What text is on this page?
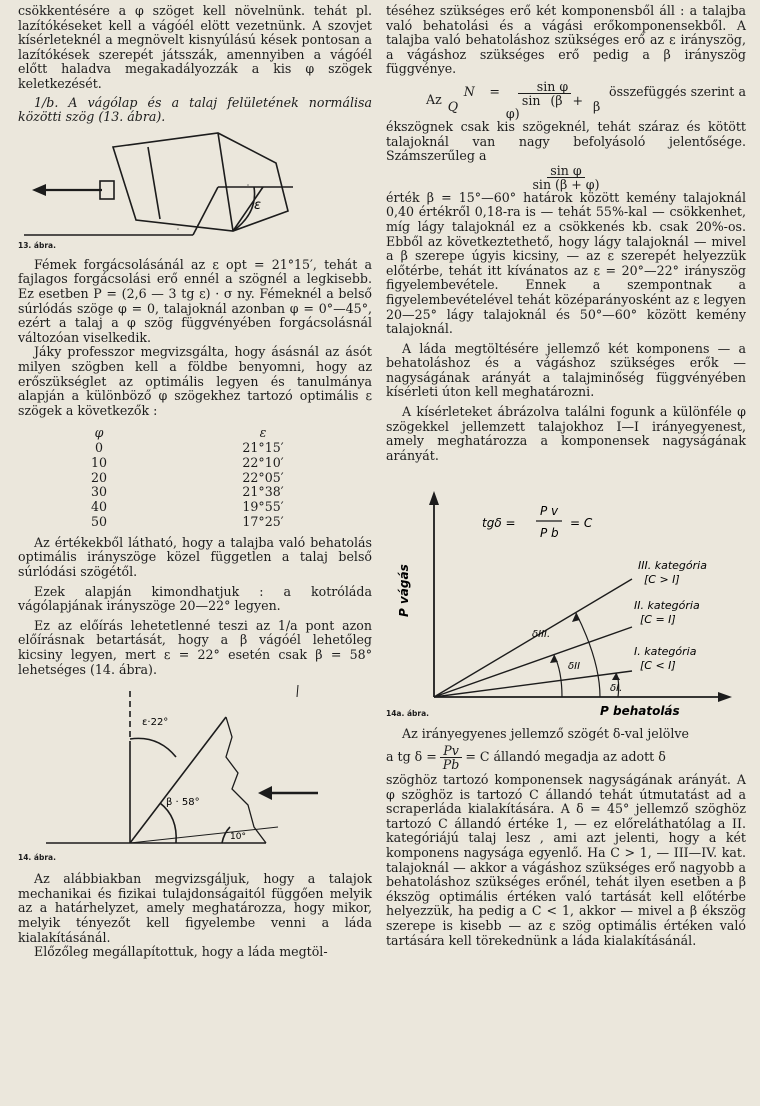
csökkentésére a φ szöget kell növelnünk. tehát pl. lazítókéseket kell a vágóél elött vezetnünk. A szovjet kísérleteknél a megnövelt kisnyúlású kések pontosan a lazítókések szerepét játsszák, amennyiben a vágóél előtt haladva megakadályozzák a kis φ szögek keletkezését.

1/b. A vágólap és a talaj felületének normálisa közötti szög (13. ábra).

ε
13. ábra.

Fémek forgácsolásánál az ε opt = 21°15′, tehát a fajlagos forgácsolási erő ennél a szögnél a legkisebb. Ez esetben P = (2,6 — 3 tg ε) · σ ny. Fémeknél a belső súrlódás szöge φ = 0, talajoknál azonban φ = 0°—45°, ezért a talaj a φ szög függvényében forgácsolásnál változóan viselkedik.

Jáky professzor megvizsgálta, hogy ásásnál az ásót milyen szögben kell a földbe benyomni, hogy az erőszükséglet az optimális legyen és tanulmánya alapján a különböző φ szögekhez tartozó optimális ε szögek a következők :

φ	ε
0	21°15′
10	22°10′
20	22°05′
30	21°38′
40	19°55′
50	17°25′

Az értékekből látható, hogy a talajba való behatolás optimális irányszöge közel független a talaj belső súrlódási szögétől.

Ezek alapján kimondhatjuk : a kotróláda vágólapjának irányszöge 20—22° legyen.

Ez az előírás lehetetlenné teszi az 1/a pont azon előírásnak betartását, hogy a β vágóél lehetőleg kicsiny legyen, mert ε = 22° esetén csak β = 58° lehetséges (14. ábra).

ε·22°
β · 58°
10°
14. ábra.

Az alábbiakban megvizsgáljuk, hogy a talajok mechanikai és fizikai tulajdonságaitól függően melyik az a határhelyzet, amely meghatározza, hogy mikor, melyik tényezőt kell figyelembe venni a láda kialakításánál.

Előzőleg megállapítottuk, hogy a láda megtöl-

téséhez szükséges erő két komponensből áll : a talajba való behatolási és a vágási erőkomponensekből. A talajba való behatoláshoz szükséges erő az ε irányszög, a vágáshoz szükséges erő pedig a β irányszög függvénye.

Az	N = Q	$\frac{\text{sin φ}}{\sin (\beta + \varphi)}$	összefüggés szerint a β

ékszögnek csak kis szögeknél, tehát száraz és kötött talajoknál van nagy befolyásoló jelentősége. Számszerűleg a

$\frac{\text{sin φ}}{\sin (\beta + \varphi)}$

érték β = 15°—60° határok között kemény talajoknál 0,40 értékről 0,18-ra is — tehát 55%-kal — csökkenhet, míg lágy talajoknál ez a csökkenés kb. csak 20%-os. Ebből az következtethető, hogy lágy talajoknál — mivel a β szerepe úgyis kicsiny, — az ε szerepét helyezzük előtérbe, tehát itt kívánatos az ε = 20°—22° irányszög figyelembevétele. Ennek a szempontnak a figyelembevételével tehát középarányosként az ε legyen 20—25° lágy talajoknál és 50°—60° között kemény talajoknál.

A láda megtöltésére jellemző két komponens — a behatoláshoz és a vágáshoz szükséges erők — nagyságának arányát a talajminőség függvényében kísérleti úton kell meghatározni.

A kísérleteket ábrázolva találni fogunk a különféle φ szögekkel jellemzett talajokhoz I—I irányegyenest, amely meghatározza a komponensek nagyságának arányát.

P vágás
P behatolás
tgδ =
P v
P b
= C
III. kategória
[C > I]
II. kategória
[C = I]
I. kategória
[C < I]
δIII.
δII
δI.
14a. ábra.

Az irányegyenes jellemző szögét δ-val jelölve

a tg $\delta = \frac{Pv}{Pb} = C$ állandó megadja az adott δ

szöghöz tartozó komponensek nagyságának arányát. A φ szöghöz is tartozó C állandó tehát útmutatást ad a scraperláda kialakítására. A δ = 45° jellemző szöghöz tartozó C állandó értéke 1, — ez előreláthatólag a II. kategóriájú talaj lesz , ami azt jelenti, hogy a két komponens nagysága egyenlő. Ha C > 1, — III—IV. kat. talajoknál — akkor a vágáshoz szükséges erő nagyobb a behatoláshoz szükséges erőnél, tehát ilyen esetben a β ékszög optimális értéken való tartását kell előtérbe helyezzük, ha pedig a C < 1, akkor — mivel a β ékszög szerepe is kisebb — az ε szög optimális értéken való tartására kell törekednünk a láda kialakításánál.
